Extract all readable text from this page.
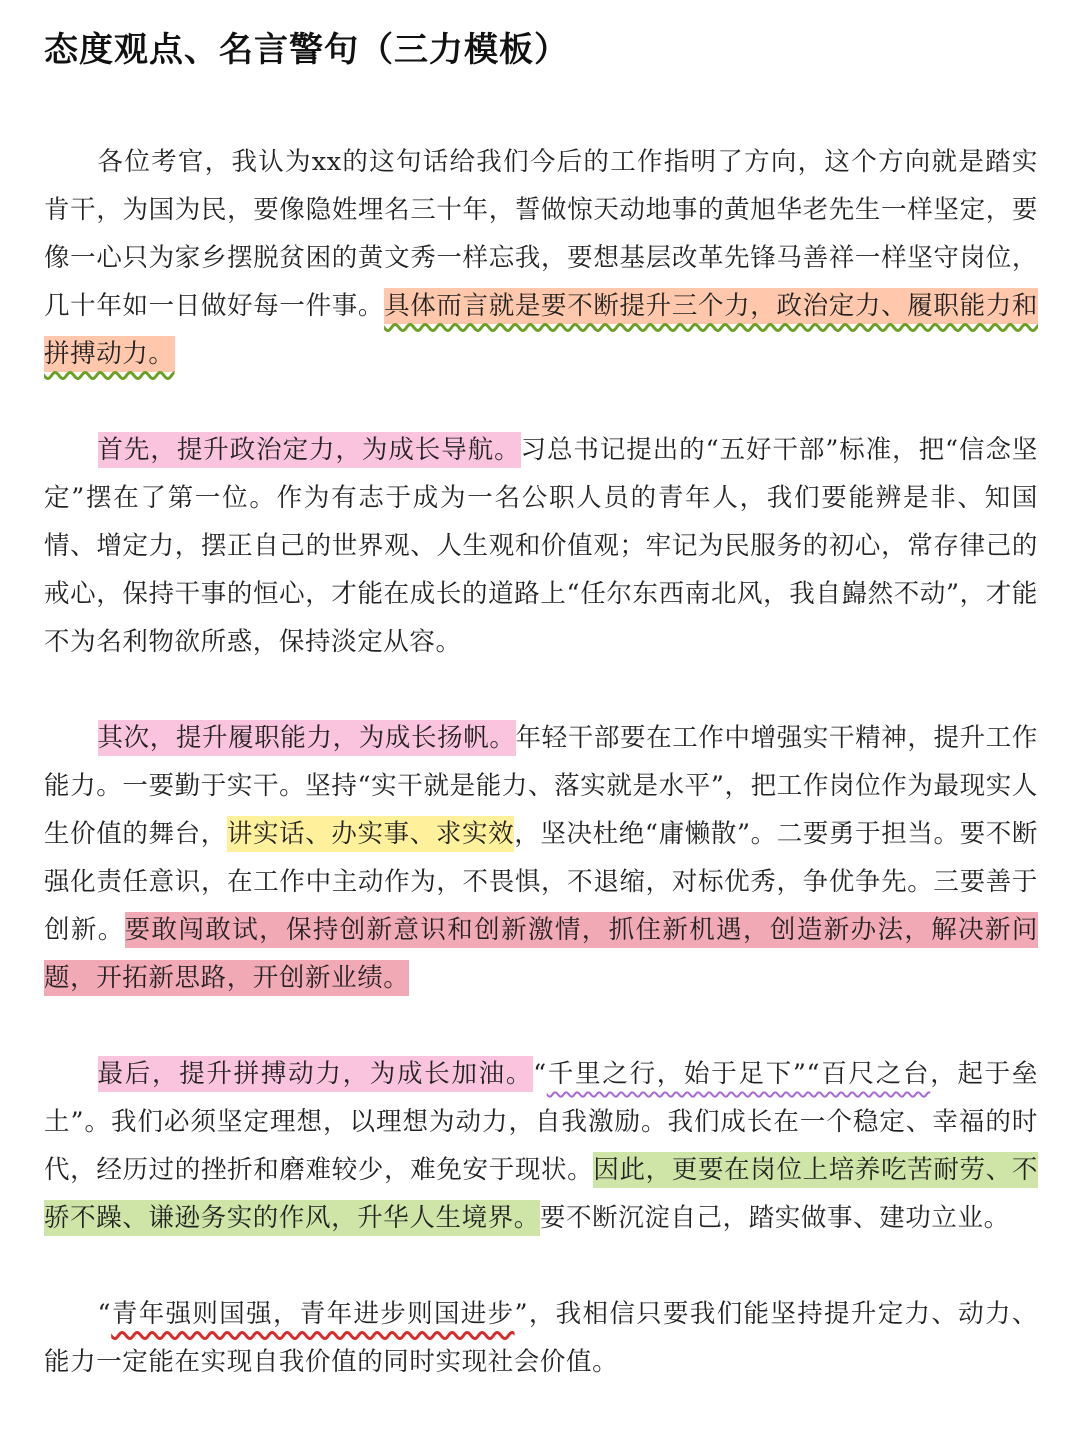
态度观点、名言警句（三力模板）

各位考官，我认为xx的这句话给我们今后的工作指明了方向，这个方向就是踏实肯干，为国为民，要像隐姓埋名三十年，誓做惊天动地事的黄旭华老先生一样坚定，要像一心只为家乡摆脱贫困的黄文秀一样忘我，要想基层改革先锋马善祥一样坚守岗位，几十年如一日做好每一件事。具体而言就是要不断提升三个力，政治定力、履职能力和拼搏动力。

首先，提升政治定力，为成长导航。习总书记提出的“五好干部”标准，把“信念坚定”摆在了第一位。作为有志于成为一名公职人员的青年人，我们要能辨是非、知国情、增定力，摆正自己的世界观、人生观和价值观；牢记为民服务的初心，常存律己的戒心，保持干事的恒心，才能在成长的道路上“任尔东西南北风，我自巋然不动”，才能不为名利物欲所惑，保持淡定从容。

其次，提升履职能力，为成长扬帆。年轻干部要在工作中增强实干精神，提升工作能力。一要勤于实干。坚持“实干就是能力、落实就是水平”，把工作岗位作为最现实人生价值的舞台，讲实话、办实事、求实效，坚决杜绝“庸懒散”。二要勇于担当。要不断强化责任意识，在工作中主动作为，不畏惧，不退缩，对标优秀，争优争先。三要善于创新。要敢闯敢试，保持创新意识和创新激情，抓住新机遇，创造新办法，解决新问题，开拓新思路，开创新业绩。

最后，提升拼搏动力，为成长加油。“千里之行，始于足下”“百尺之台，起于垒土”。我们必须坚定理想，以理想为动力，自我激励。我们成长在一个稳定、幸福的时代，经历过的挫折和磨难较少，难免安于现状。因此，更要在岗位上培养吃苦耐劳、不骄不躁、谦逊务实的作风，升华人生境界。要不断沉淀自己，踏实做事、建功立业。

“青年强则国强，青年进步则国进步”，我相信只要我们能坚持提升定力、动力、能力一定能在实现自我价值的同时实现社会价值。
